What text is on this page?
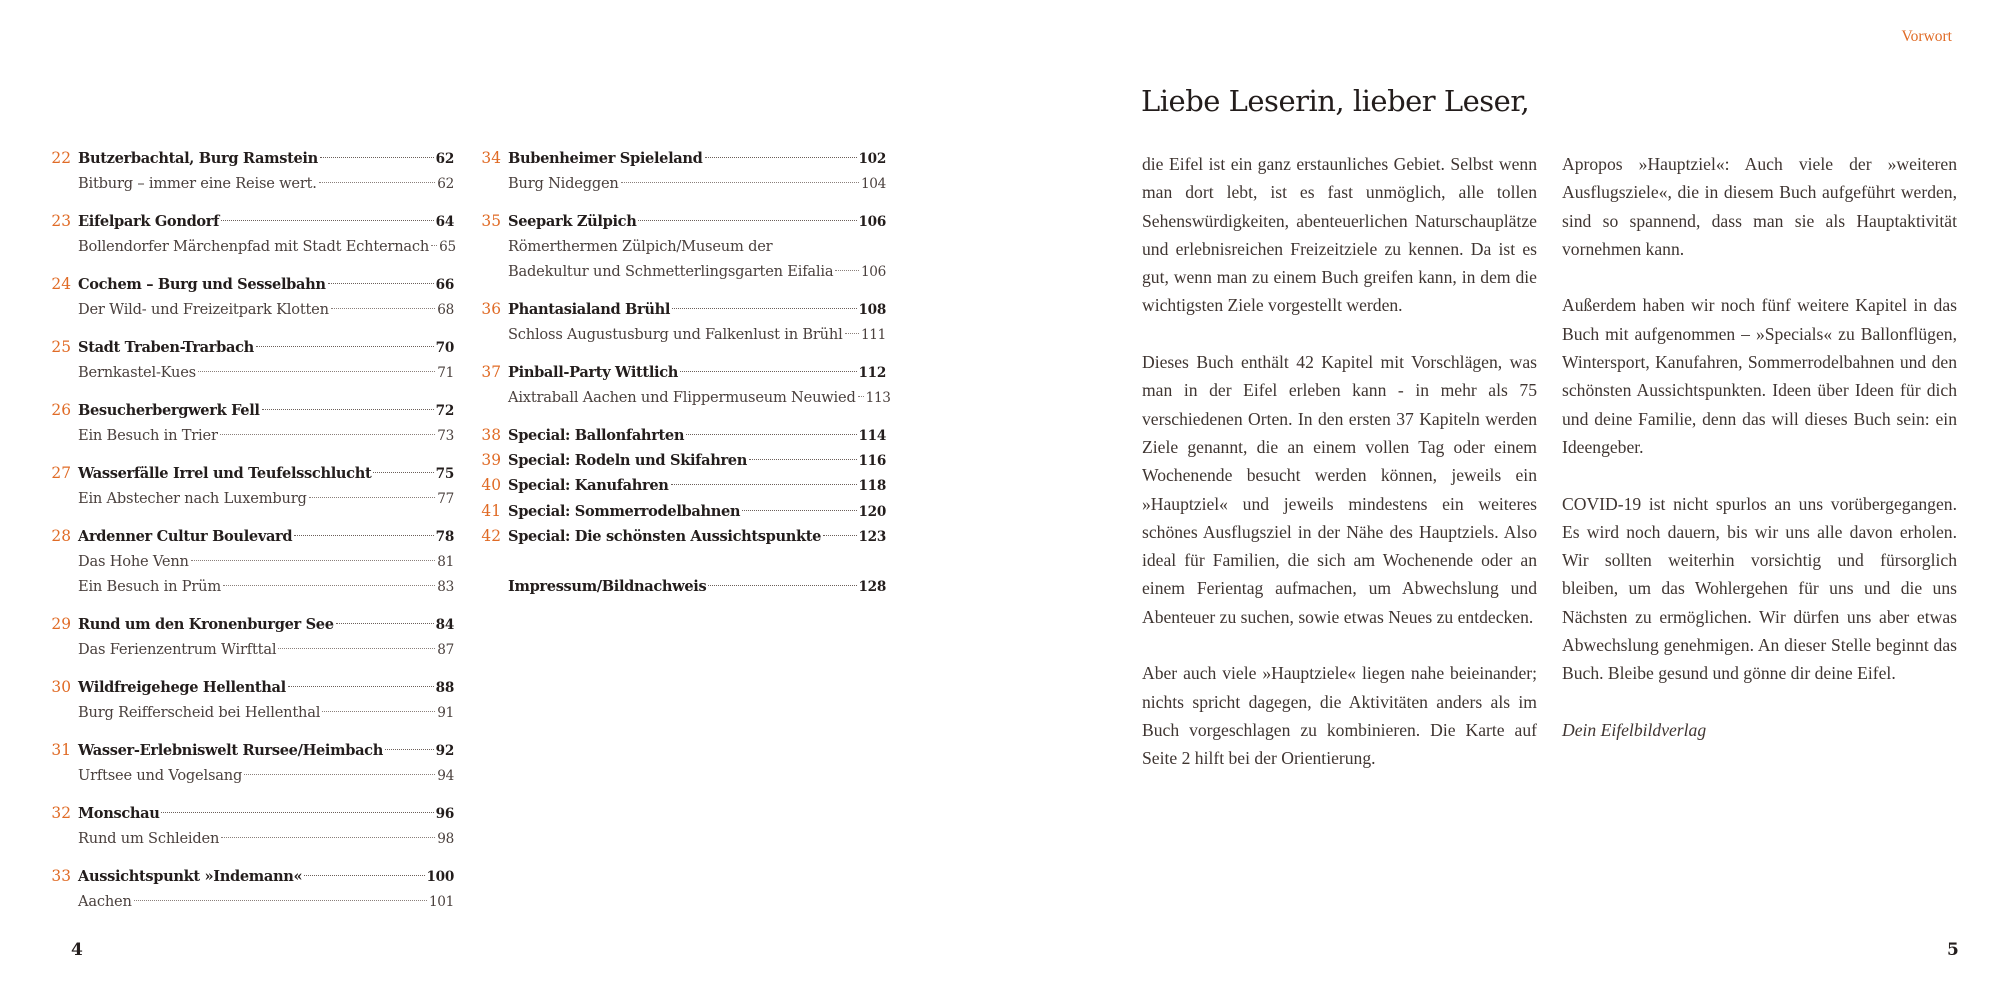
22 Butzerbachtal, Burg Ramstein	62
Bitburg – immer eine Reise wert.	62
23 Eifelpark Gondorf	64
Bollendorfer Märchenpfad mit Stadt Echternach 65
24 Cochem – Burg und Sesselbahn	66
Der Wild- und Freizeitpark Klotten	68
25 Stadt Traben-Trarbach	70
Bernkastel-Kues	71
26 Besucherbergwerk Fell	72
Ein Besuch in Trier	73
27 Wasserfälle Irrel und Teufelsschlucht	75
Ein Abstecher nach Luxemburg	77
28 Ardenner Cultur Boulevard	78
Das Hohe Venn	81
Ein Besuch in Prüm	83
29 Rund um den Kronenburger See	84
Das Ferienzentrum Wirfttal	87
30 Wildfreigehege Hellenthal	88
Burg Reifferscheid bei Hellenthal	91
31 Wasser-Erlebniswelt Rursee/Heimbach	92
Urftsee und Vogelsang	94
32 Monschau	96
Rund um Schleiden	98
33 Aussichtspunkt »Indemann«	100
Aachen	101
34 Bubenheimer Spieleland	102
Burg Nideggen	104
35 Seepark Zülpich	106
Römerthermen Zülpich/Museum der
Badekultur und Schmetterlingsgarten Eifalia 106
36 Phantasialand Brühl	108
Schloss Augustusburg und Falkenlust in Brühl 111
37 Pinball-Party Wittlich	112
Aixtraball Aachen und Flippermuseum Neuwied 113
38 Special: Ballonfahrten	114
39 Special: Rodeln und Skifahren	116
40 Special: Kanufahren	118
41 Special: Sommerrodelbahnen	120
42 Special: Die schönsten Aussichtspunkte	123
Impressum/Bildnachweis	128
4
Vorwort
Liebe Leserin, lieber Leser,

die Eifel ist ein ganz erstaunliches Gebiet. Selbst wenn man dort lebt, ist es fast unmöglich, alle tollen Sehenswürdigkeiten, abenteuerlichen Naturschauplätze und erlebnisreichen Freizeitziele zu kennen. Da ist es gut, wenn man zu einem Buch greifen kann, in dem die wichtigsten Ziele vorgestellt werden.

Dieses Buch enthält 42 Kapitel mit Vorschlägen, was man in der Eifel erleben kann - in mehr als 75 verschiedenen Orten. In den ersten 37 Kapiteln werden Ziele genannt, die an einem vollen Tag oder einem Wochenende besucht werden können, jeweils ein »Hauptziel« und jeweils mindestens ein weiteres schönes Ausflugsziel in der Nähe des Hauptziels. Also ideal für Familien, die sich am Wochenende oder an einem Ferientag aufmachen, um Abwechslung und Abenteuer zu suchen, sowie etwas Neues zu entdecken.

Aber auch viele »Hauptziele« liegen nahe beieinander; nichts spricht dagegen, die Aktivitäten anders als im Buch vorgeschlagen zu kombinieren. Die Karte auf Seite 2 hilft bei der Orientierung.

Apropos »Hauptziel«: Auch viele der »weiteren Ausflugsziele«, die in diesem Buch aufgeführt werden, sind so spannend, dass man sie als Hauptaktivität vornehmen kann.

Außerdem haben wir noch fünf weitere Kapitel in das Buch mit aufgenommen – »Specials« zu Ballonflügen, Wintersport, Kanufahren, Sommerrodelbahnen und den schönsten Aussichtspunkten. Ideen über Ideen für dich und deine Familie, denn das will dieses Buch sein: ein Ideengeber.

COVID-19 ist nicht spurlos an uns vorübergegangen. Es wird noch dauern, bis wir uns alle davon erholen. Wir sollten weiterhin vorsichtig und fürsorglich bleiben, um das Wohlergehen für uns und die uns Nächsten zu ermöglichen. Wir dürfen uns aber etwas Abwechslung genehmigen. An dieser Stelle beginnt das Buch. Bleibe gesund und gönne dir deine Eifel.

Dein Eifelbildverlag

5
